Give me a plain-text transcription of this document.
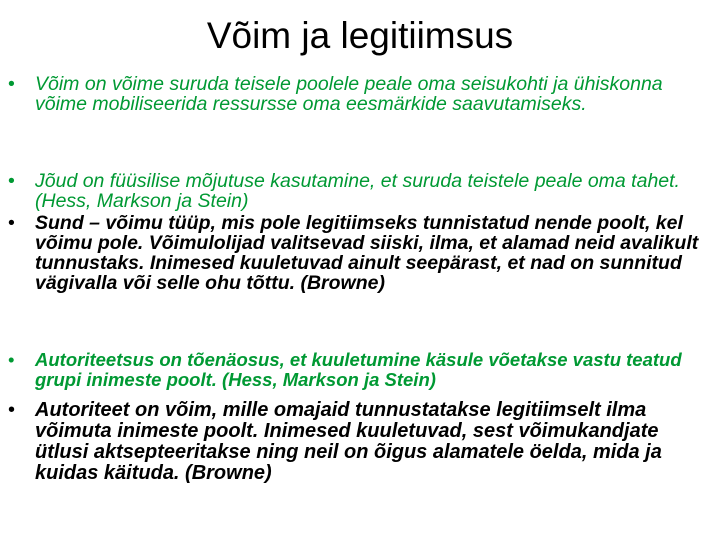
Võim ja legitiimsus
•	Võim on võime suruda teisele poolele peale oma seisukohti ja ühiskonna võime mobiliseerida ressursse oma eesmärkide saavutamiseks.
•	Jõud on füüsilise mõjutuse kasutamine, et suruda teistele peale oma tahet. (Hess, Markson ja Stein)
•	Sund – võimu tüüp, mis pole legitiimseks tunnistatud nende poolt, kel võimu pole. Võimulolijad valitsevad siiski, ilma, et alamad neid avalikult tunnustaks. Inimesed kuuletuvad ainult seepärast, et nad on sunnitud vägivalla või selle ohu tõttu. (Browne)
•	Autoriteetsus on tõenäosus, et kuuletumine käsule võetakse vastu teatud grupi inimeste poolt. (Hess, Markson ja Stein)
• Autoriteet on võim, mille omajaid tunnustatakse legitiimselt ilma võimuta inimeste poolt. Inimesed kuuletuvad, sest võimukandjate ütlusi aktsepteeritakse ning neil on õigus alamatele öelda, mida ja kuidas käituda. (Browne)
